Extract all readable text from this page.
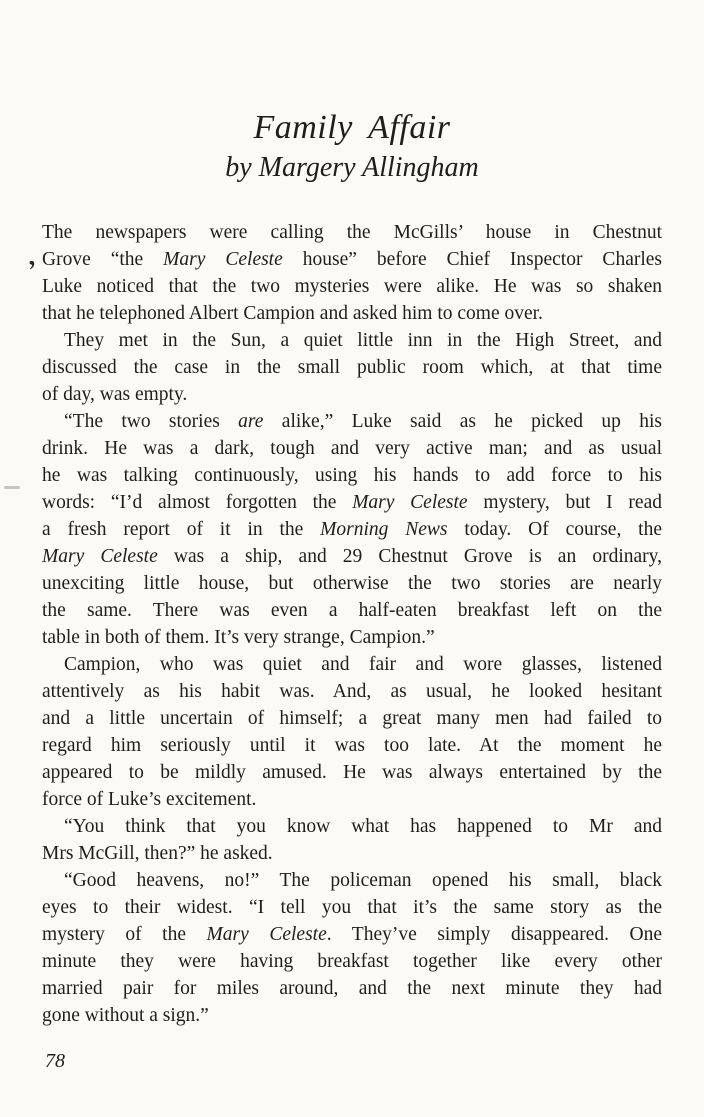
Family Affair
by Margery Allingham
’

The newspapers were calling the McGills’ house in Chestnut
Grove “the Mary Celeste house” before Chief Inspector Charles
Luke noticed that the two mysteries were alike. He was so shaken
that he telephoned Albert Campion and asked him to come over.

They met in the Sun, a quiet little inn in the High Street, and
discussed the case in the small public room which, at that time
of day, was empty.

“The two stories are alike,” Luke said as he picked up his
drink. He was a dark, tough and very active man; and as usual
he was talking continuously, using his hands to add force to his
words: “I’d almost forgotten the Mary Celeste mystery, but I read
a fresh report of it in the Morning News today. Of course, the
Mary Celeste was a ship, and 29 Chestnut Grove is an ordinary,
unexciting little house, but otherwise the two stories are nearly
the same. There was even a half-eaten breakfast left on the
table in both of them. It’s very strange, Campion.”

Campion, who was quiet and fair and wore glasses, listened
attentively as his habit was. And, as usual, he looked hesitant
and a little uncertain of himself; a great many men had failed to
regard him seriously until it was too late. At the moment he
appeared to be mildly amused. He was always entertained by the
force of Luke’s excitement.

“You think that you know what has happened to Mr and
Mrs McGill, then?” he asked.

“Good heavens, no!” The policeman opened his small, black
eyes to their widest. “I tell you that it’s the same story as the
mystery of the Mary Celeste. They’ve simply disappeared. One
minute they were having breakfast together like every other
married pair for miles around, and the next minute they had
gone without a sign.”

78
